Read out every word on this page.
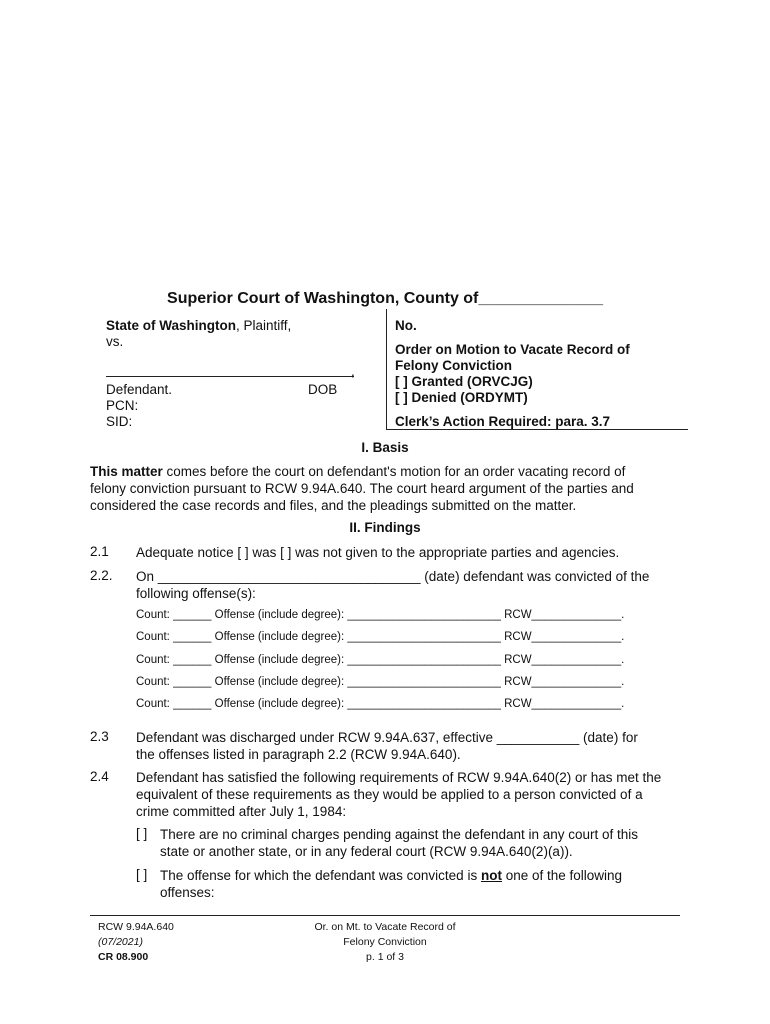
Superior Court of Washington, County of______________
State of Washington, Plaintiff,
vs.
,
Defendant.	DOB
PCN:
SID:
No.
Order on Motion to Vacate Record of
Felony Conviction
[ ] Granted (ORVCJG)
[ ] Denied (ORDYMT)
Clerk’s Action Required: para. 3.7
I. Basis
This matter comes before the court on defendant's motion for an order vacating record of
felony conviction pursuant to RCW 9.94A.640. The court heard argument of the parties and
considered the case records and files, and the pleadings submitted on the matter.
II. Findings
2.1 Adequate notice [ ] was [ ] was not given to the appropriate parties and agencies.
2.2. On ___________________________________ (date) defendant was convicted of the
following offense(s):
Count: ______ Offense (include degree): ________________________ RCW______________.
Count: ______ Offense (include degree): ________________________ RCW______________.
Count: ______ Offense (include degree): ________________________ RCW______________.
Count: ______ Offense (include degree): ________________________ RCW______________.
Count: ______ Offense (include degree): ________________________ RCW______________.
2.3 Defendant was discharged under RCW 9.94A.637, effective ___________ (date) for
the offenses listed in paragraph 2.2 (RCW 9.94A.640).
2.4 Defendant has satisfied the following requirements of RCW 9.94A.640(2) or has met the
equivalent of these requirements as they would be applied to a person convicted of a
crime committed after July 1, 1984:
[ ] There are no criminal charges pending against the defendant in any court of this
state or another state, or in any federal court (RCW 9.94A.640(2)(a)).
[ ] The offense for which the defendant was convicted is not one of the following
offenses:
RCW 9.94A.640
(07/2021)
CR 08.900
Or. on Mt. to Vacate Record of
Felony Conviction
p. 1 of 3
